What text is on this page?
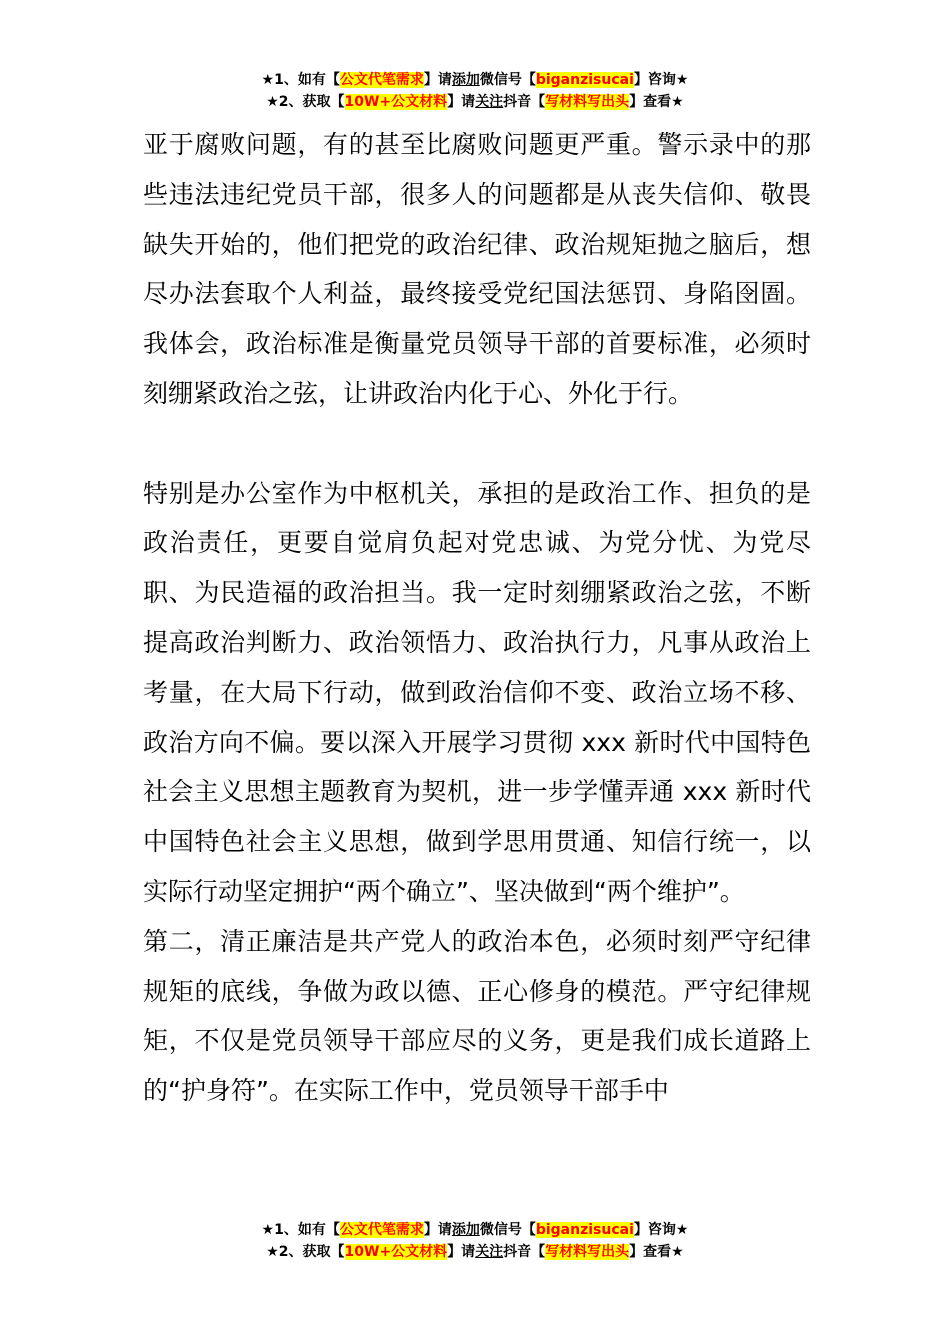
★1、如有【公文代笔需求】请添加微信号【biganzisucai】咨询★
★2、获取【10W+公文材料】请关注抖音【写材料写出头】查看★

亚于腐败问题，有的甚至比腐败问题更严重。警示录中的那些违法违纪党员干部，很多人的问题都是从丧失信仰、敬畏缺失开始的，他们把党的政治纪律、政治规矩抛之脑后，想尽办法套取个人利益，最终接受党纪国法惩罚、身陷囹圄。我体会，政治标准是衡量党员领导干部的首要标准，必须时刻绷紧政治之弦，让讲政治内化于心、外化于行。

特别是办公室作为中枢机关，承担的是政治工作、担负的是政治责任，更要自觉肩负起对党忠诚、为党分忧、为党尽职、为民造福的政治担当。我一定时刻绷紧政治之弦，不断提高政治判断力、政治领悟力、政治执行力，凡事从政治上考量，在大局下行动，做到政治信仰不变、政治立场不移、政治方向不偏。要以深入开展学习贯彻 xxx 新时代中国特色社会主义思想主题教育为契机，进一步学懂弄通 xxx 新时代中国特色社会主义思想，做到学思用贯通、知信行统一，以实际行动坚定拥护“两个确立”、坚决做到“两个维护”。

第二，清正廉洁是共产党人的政治本色，必须时刻严守纪律规矩的底线，争做为政以德、正心修身的模范。严守纪律规矩，不仅是党员领导干部应尽的义务，更是我们成长道路上的“护身符”。在实际工作中，党员领导干部手中

★1、如有【公文代笔需求】请添加微信号【biganzisucai】咨询★
★2、获取【10W+公文材料】请关注抖音【写材料写出头】查看★
